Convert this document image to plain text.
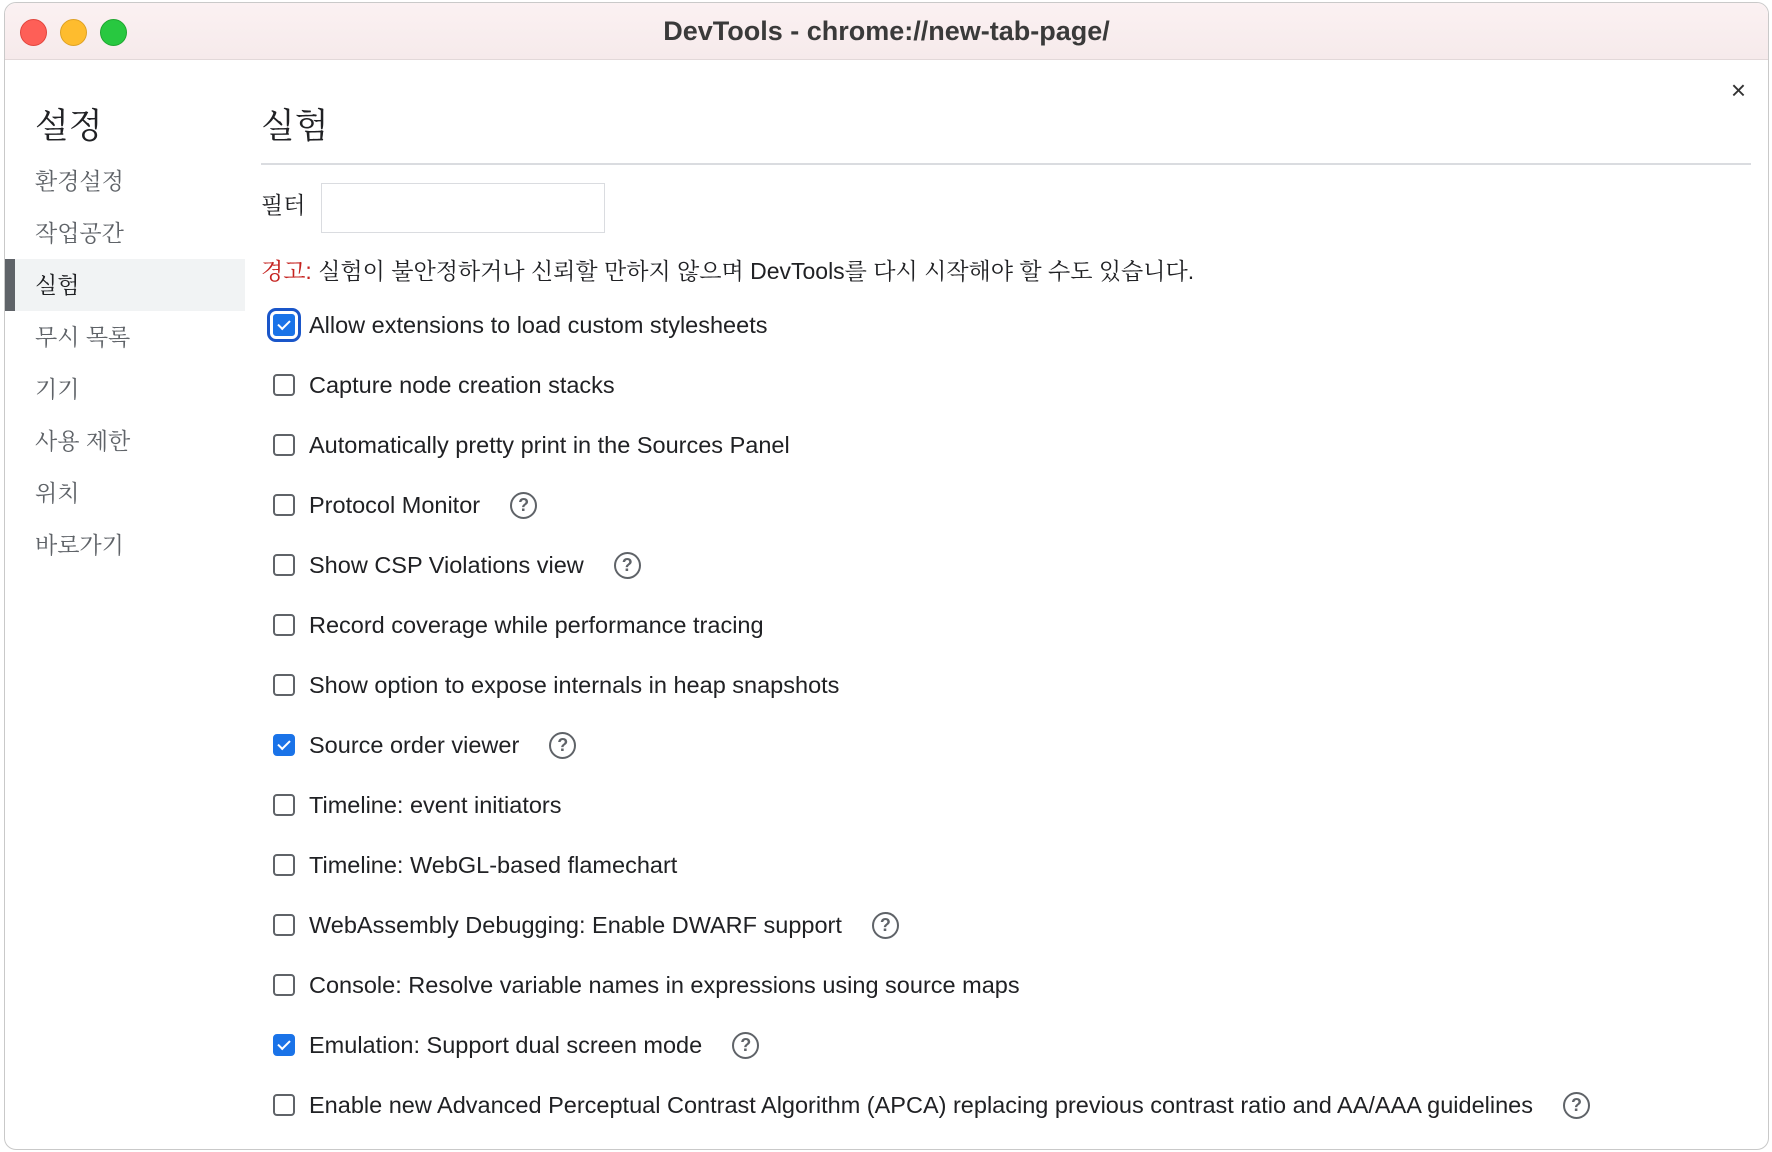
DevTools - chrome://new-tab-page/
설정
환경설정
작업공간
실험
무시 목록
기기
사용 제한
위치
바로가기
×
실험
필터
경고: 실험이 불안정하거나 신뢰할 만하지 않으며 DevTools를 다시 시작해야 할 수도 있습니다.
Allow extensions to load custom stylesheets
Capture node creation stacks
Automatically pretty print in the Sources Panel
Protocol Monitor	?
Show CSP Violations view	?
Record coverage while performance tracing
Show option to expose internals in heap snapshots
Source order viewer	?
Timeline: event initiators
Timeline: WebGL-based flamechart
WebAssembly Debugging: Enable DWARF support	?
Console: Resolve variable names in expressions using source maps
Emulation: Support dual screen mode	?
Enable new Advanced Perceptual Contrast Algorithm (APCA) replacing previous contrast ratio and AA/AAA guidelines	?
